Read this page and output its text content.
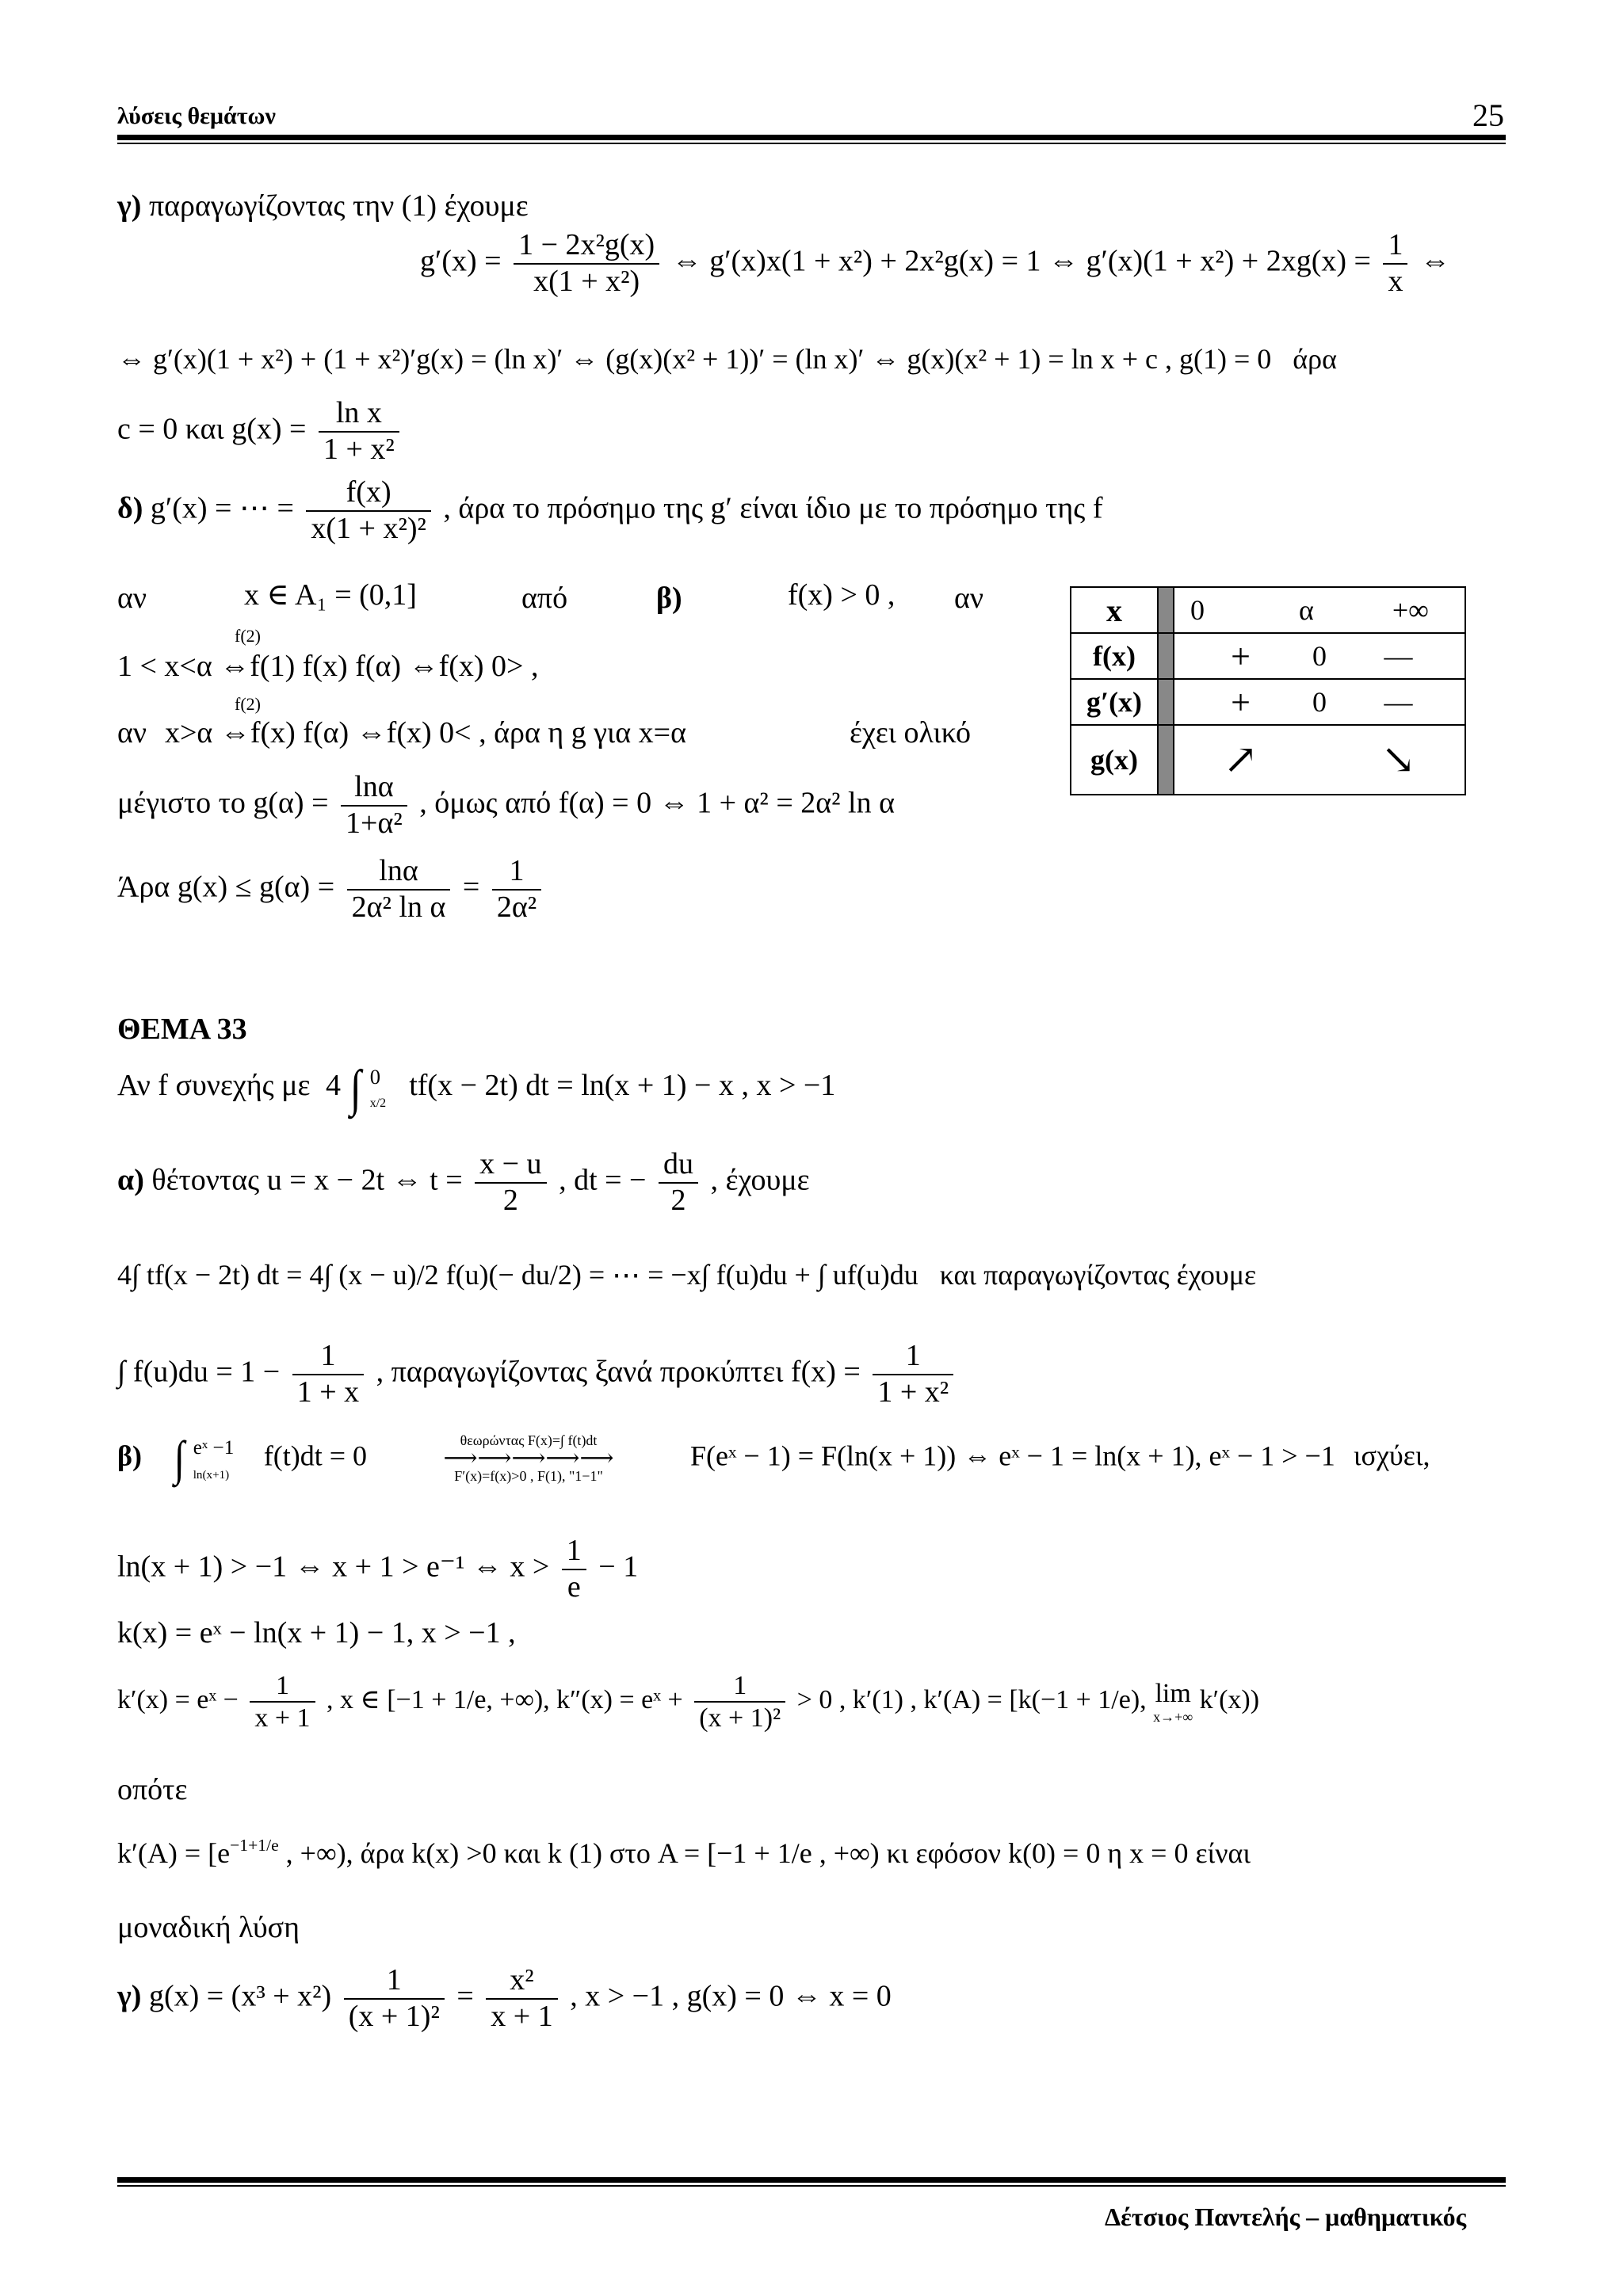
λύσεις θεμάτων	25
γ) παραγωγίζοντας την (1) έχουμε
$g'(x) = \frac{\text{1 − 2x²g(x)}}{\text{x(1 + x²)}}$ ⇔ g′(x)x(1 + x²) + 2x²g(x) = 1 ⇔ $g'(x)(1 + x^2) + 2xg(x) = \frac{1}{x}$ ⇔
⇔ g′(x)(1 + x²) + (1 + x²)′g(x) = (ln x)′ ⇔ (g(x)(x² + 1))′ = (ln x)′ ⇔ g(x)(x² + 1) = ln x + c , g(1) = 0 άρα
c = 0 και $g(x) = \frac{\text{ln x}}{\text{1 + x²}}$
δ) g′(x) = ⋯ = $\frac{f(x)}{\text{x(1 + x²)²}}$ , άρα το πρόσημο της g′ είναι ίδιο με το πρόσημο της f
αν	x ∈ A₁ = (0,1]	από	β)	f(x) > 0 , αν
f(2)
1 < x<α ⇔f(1) f(x) f(α) ⇔f(x) 0> ,
f(2)
αν x>α ⇔f(x) f(α) ⇔f(x) 0< , άρα η g για x=α	έχει ολικό
μέγιστο το $g(\alpha) = \frac{\ln\alpha}{\text{1+α²}}$ , όμως από f(α) = 0 ⇔ 1 + α² = 2α² ln α
Άρα $g(x) \le g(\alpha) = \frac{\ln\alpha}{\text{2α² ln α}} = \frac{1}{\text{2α²}}$
x		0 α +∞		
f(x)		+	0	—
g′(x)		+	0	—
g(x)		↗		↘
ΘΕΜΑ 33
Αν f συνεχής με 4 ∫ 0
x/2
tf(x − 2t) dt = ln(x + 1) − x , x > −1
α) θέτοντας u = x − 2t ⇔ $t = \frac{x - u}{2}$ , dt = − $\frac{du}{2}$ , έχουμε
4∫ tf(x − 2t) dt = 4∫ (x − u)/2 f(u)(− du/2) = ⋯ = −x∫ f(u)du + ∫ uf(u)du και παραγωγίζοντας έχουμε
∫ $f(u)du = 1 - \frac{1}{1 + x}$ , παραγωγίζοντας ξανά προκύπτει $f(x) = \frac{1}{\text{1 + x²}}$
β) ∫ eˣ −1
ln(x+1)
f(t)dt = 0	θεωρώντας F(x)=∫ f(t)dt
⟶⟶⟶⟶⟶
F′(x)=f(x)>0 , F(1), "1−1"
F(eˣ − 1) = F(ln(x + 1)) ⇔ eˣ − 1 = ln(x + 1), eˣ − 1 > −1 ισχύει,
ln(x + 1) > −1 ⇔ x + 1 > e⁻¹ ⇔ $x > \frac{1}{e} - 1$
k(x) = eˣ − ln(x + 1) − 1, x > −1 ,
k′(x) = eˣ − $\frac{1}{x + 1}$ , x ∈ [−1 + 1/e, +∞), k″(x) = eˣ + $\frac{1}{\text{(x + 1)²}} > 0$ , k′(1) , k′(A) = [k(−1 + 1/e), lim
x→+∞
k′(x))
οπότε
$k'(A) = [e^{-1+1/e}$ , +∞), άρα k(x) >0 και k (1) στο A = [−1 + 1/e , +∞) κι εφόσον k(0) = 0 η x = 0 είναι
μοναδική λύση
γ) $g(x) = (x^3 + x^2) \frac{1}{\text{(x + 1)²}} = \frac{\text{x²}}{x + 1}$ , x > −1 , g(x) = 0 ⇔ x = 0
Δέτσιος Παντελής – μαθηματικός
